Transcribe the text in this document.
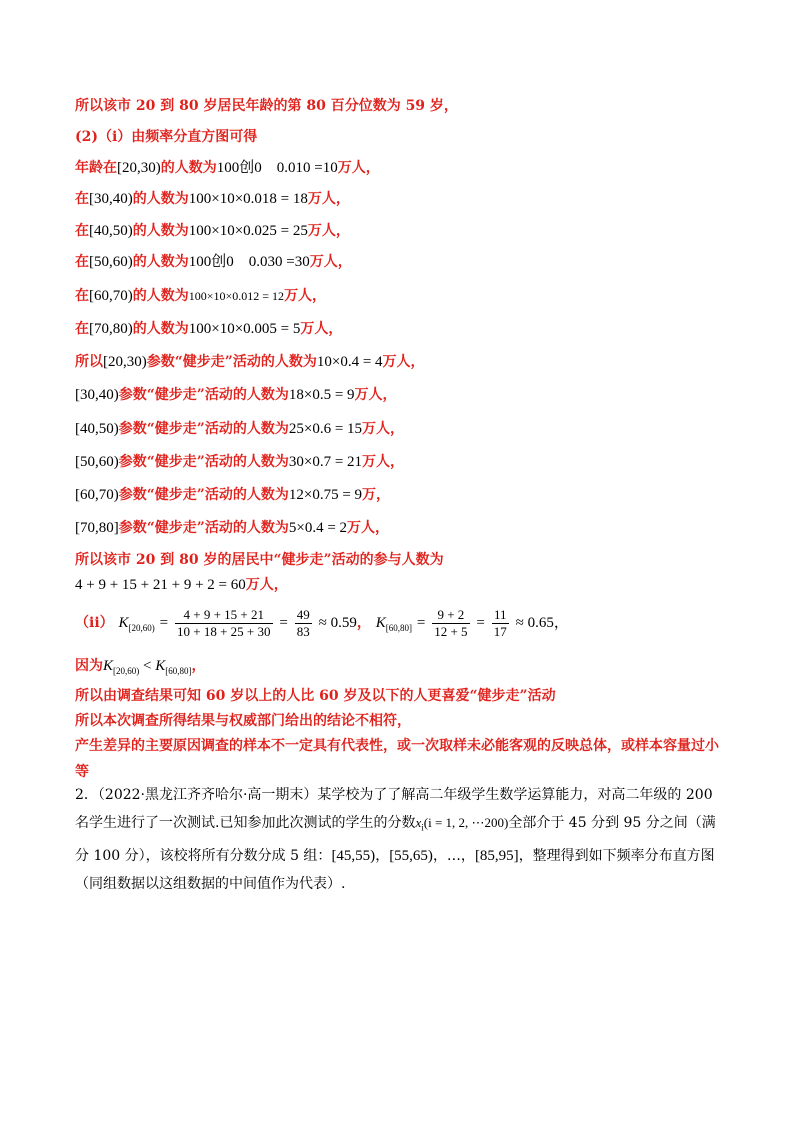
所以该市 20 到 80 岁居民年龄的第 80 百分位数为 59 岁，
(2)（i）由频率分直方图可得
年龄在[20,30)的人数为100创0　0.010 =10万人，
在[30,40)的人数为100×10×0.018 = 18万人，
在[40,50)的人数为100×10×0.025 = 25万人，
在[50,60)的人数为100创0　0.030 =30万人，
在[60,70)的人数为100×10×0.012 = 12万人，
在[70,80)的人数为100×10×0.005 = 5万人，
所以[20,30)参数“健步走”活动的人数为10×0.4 = 4万人，
[30,40)参数“健步走”活动的人数为18×0.5 = 9万人，
[40,50)参数“健步走”活动的人数为25×0.6 = 15万人，
[50,60)参数“健步走”活动的人数为30×0.7 = 21万人，
[60,70)参数“健步走”活动的人数为12×0.75 = 9万，
[70,80]参数“健步走”活动的人数为5×0.4 = 2万人，
所以该市 20 到 80 岁的居民中“健步走”活动的参与人数为
4 + 9 + 15 + 21 + 9 + 2 = 60万人，
（ii） $K_{[20,60)} = \frac{4 + 9 + 15 + 21}{10 + 18 + 25 + 30} = \frac{49}{83} \approx 0.59$， $K_{[60,80]} = \frac{9 + 2}{12 + 5} = \frac{11}{17} \approx 0.65$，
因为$K_{[20,60)} < K_{[60,80]}$，
所以由调查结果可知 60 岁以上的人比 60 岁及以下的人更喜爱“健步走”活动
所以本次调查所得结果与权威部门给出的结论不相符，
产生差异的主要原因调查的样本不一定具有代表性，或一次取样未必能客观的反映总体，或样本容量过小等
2．（2022·黑龙江齐齐哈尔·高一期末）某学校为了了解高二年级学生数学运算能力，对高二年级的 200 名学生进行了一次测试.已知参加此次测试的学生的分数$x_i(i = 1$, 2, ⋯200)全部介于 45 分到 95 分之间（满分 100 分），该校将所有分数分成 5 组：[45,55)，[55,65)，…，[85,95]，整理得到如下频率分布直方图（同组数据以这组数据的中间值作为代表）.
